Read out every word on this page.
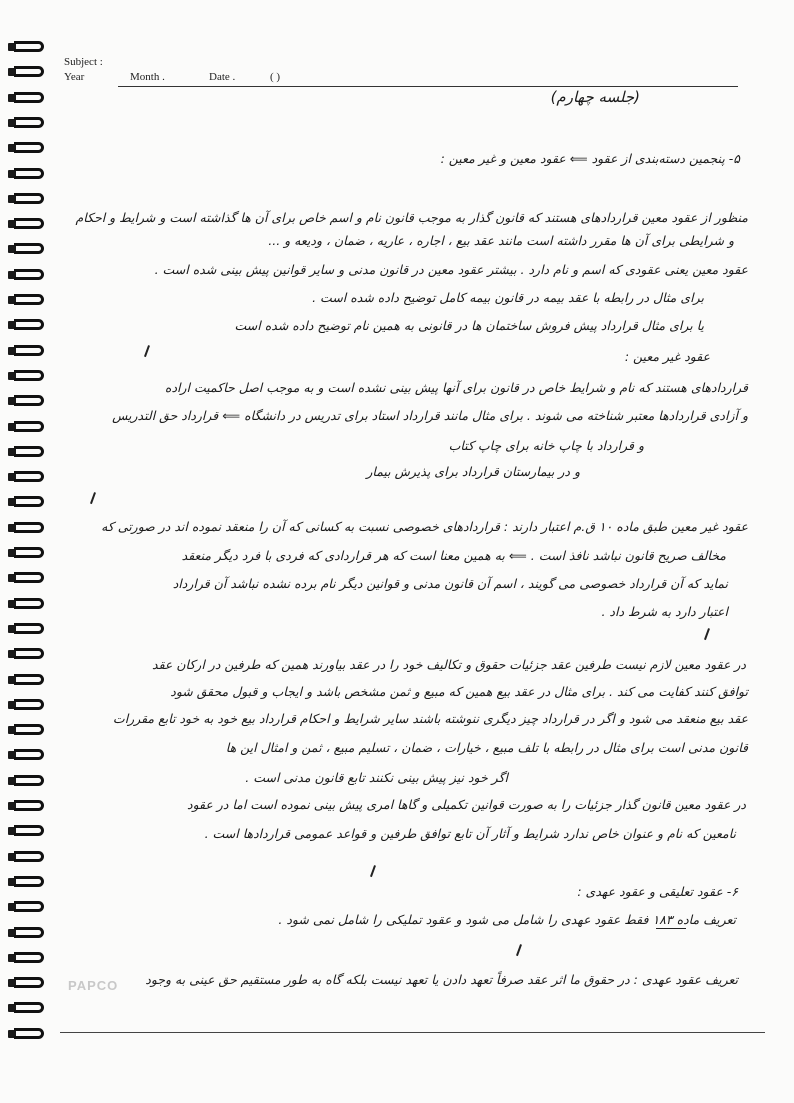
Subject :
Year	Month .	Date .	( )
(جلسه چهارم)
۵- پنجمین دسته‌بندی از عقود ⟸ عقود معین و غیر معین :
منظور از عقود معین قراردادهای هستند که قانون گذار به موجب قانون نام و اسم خاص برای آن ها گذاشته است و شرایط و احکام
و شرایطی برای آن ها مقرر داشته است مانند عقد بیع ، اجاره ، عاریه ، ضمان ، ودیعه و ...
عقود معین یعنی عقودی که اسم و نام دارد . بیشتر عقود معین در قانون مدنی و سایر قوانین پیش بینی شده است .
برای مثال در رابطه با عقد بیمه در قانون بیمه کامل توضیح داده شده است .
یا برای مثال قرارداد پیش فروش ساختمان ها در قانونی به همین نام توضیح داده شده است
عقود غیر معین :
قراردادهای هستند که نام و شرایط خاص در قانون برای آنها پیش بینی نشده است و به موجب اصل حاکمیت اراده
و آزادی قراردادها معتبر شناخته می شوند . برای مثال مانند قرارداد استاد برای تدریس در دانشگاه ⟸ قرارداد حق التدریس
و قرارداد با چاپ خانه برای چاپ کتاب
و در بیمارستان قرارداد برای پذیرش بیمار
عقود غیر معین طبق ماده ۱۰ ق.م اعتبار دارند : قراردادهای خصوصی نسبت به کسانی که آن را منعقد نموده اند در صورتی که
مخالف صریح قانون نباشد نافذ است . ⟸ به همین معنا است که هر قراردادی که فردی با فرد دیگر منعقد
نماید که آن قرارداد خصوصی می گویند ، اسم آن قانون مدنی و قوانین دیگر نام برده نشده نباشد آن قرارداد
اعتبار دارد به شرط داد .
در عقود معین لازم نیست طرفین عقد جزئیات حقوق و تکالیف خود را در عقد بیاورند همین که طرفین در ارکان عقد
توافق کنند کفایت می کند . برای مثال در عقد بیع همین که مبیع و ثمن مشخص باشد و ایجاب و قبول محقق شود
عقد بیع منعقد می شود و اگر در قرارداد چیز دیگری ننوشته باشند سایر شرایط و احکام قرارداد بیع خود به خود تابع مقررات
قانون مدنی است برای مثال در رابطه با تلف مبیع ، خیارات ، ضمان ، تسلیم مبیع ، ثمن و امثال این ها
اگر خود نیز پیش بینی نکنند تابع قانون مدنی است .
در عقود معین قانون گذار جزئیات را به صورت قوانین تکمیلی و گاها امری پیش بینی نموده است اما در عقود
نامعین که نام و عنوان خاص ندارد شرایط و آثار آن تابع توافق طرفین و قواعد عمومی قراردادها است .
۶- عقود تعلیقی و عقود عهدی :
تعریف ماده ۱۸۳ فقط عقود عهدی را شامل می شود و عقود تملیکی را شامل نمی شود .
تعریف عقود عهدی : در حقوق ما اثر عقد صرفاً تعهد دادن یا تعهد نیست بلکه گاه به طور مستقیم حق عینی به وجود
PAPCO
